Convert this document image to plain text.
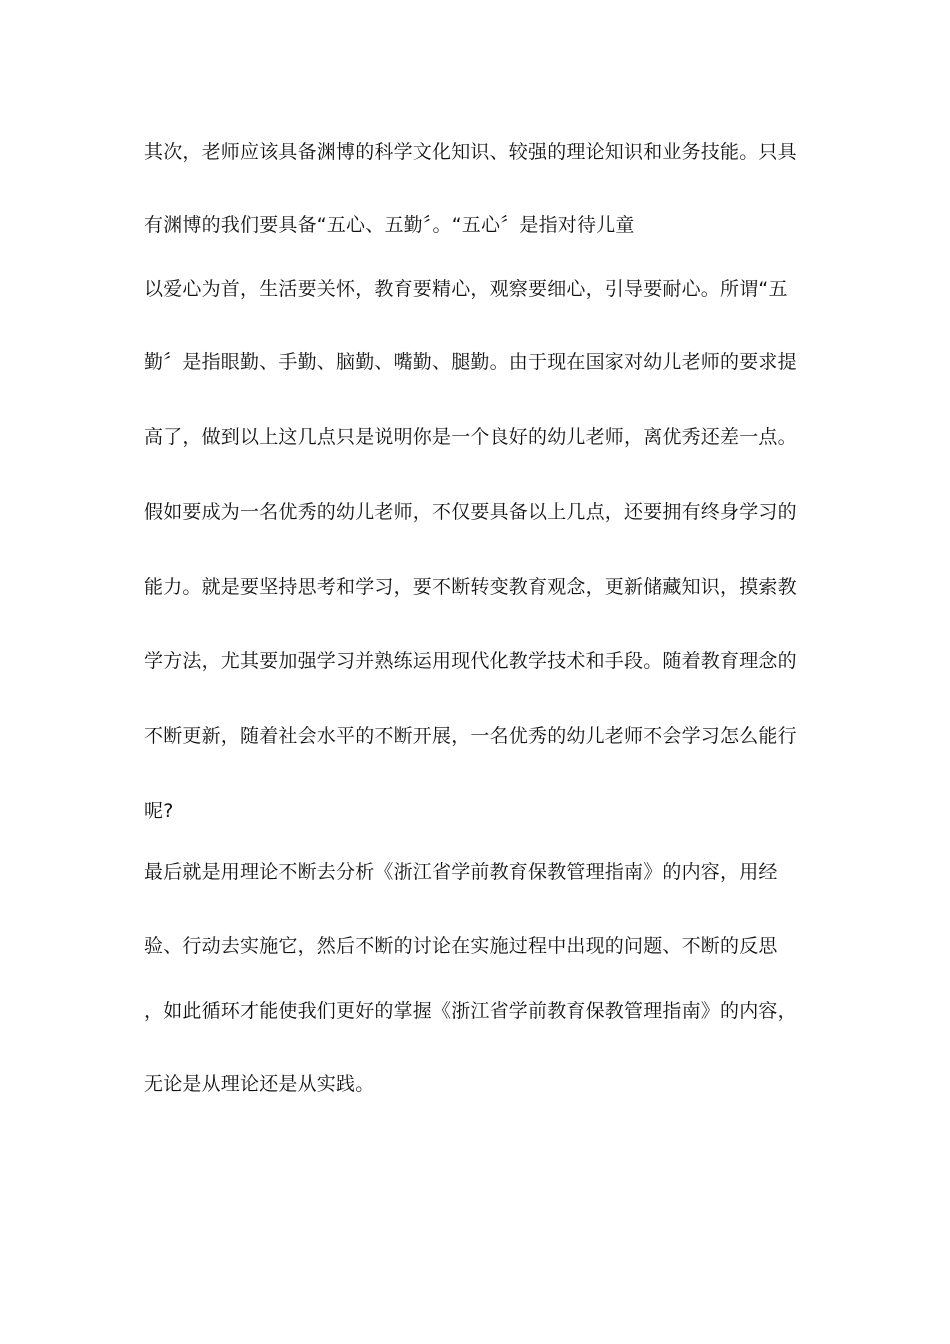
其次，老师应该具备渊博的科学文化知识、较强的理论知识和业务技能。只具
有渊博的我们要具备“五心、五勤〞。“五心〞是指对待儿童
以爱心为首，生活要关怀，教育要精心，观察要细心，引导要耐心。所谓“五
勤〞是指眼勤、手勤、脑勤、嘴勤、腿勤。由于现在国家对幼儿老师的要求提
高了，做到以上这几点只是说明你是一个良好的幼儿老师，离优秀还差一点。
假如要成为一名优秀的幼儿老师，不仅要具备以上几点，还要拥有终身学习的
能力。就是要坚持思考和学习，要不断转变教育观念，更新储藏知识，摸索教
学方法，尤其要加强学习并熟练运用现代化教学技术和手段。随着教育理念的
不断更新，随着社会水平的不断开展，一名优秀的幼儿老师不会学习怎么能行
呢?
最后就是用理论不断去分析《浙江省学前教育保教管理指南》的内容，用经
验、行动去实施它，然后不断的讨论在实施过程中出现的问题、不断的反思
，如此循环才能使我们更好的掌握《浙江省学前教育保教管理指南》的内容，
无论是从理论还是从实践。
